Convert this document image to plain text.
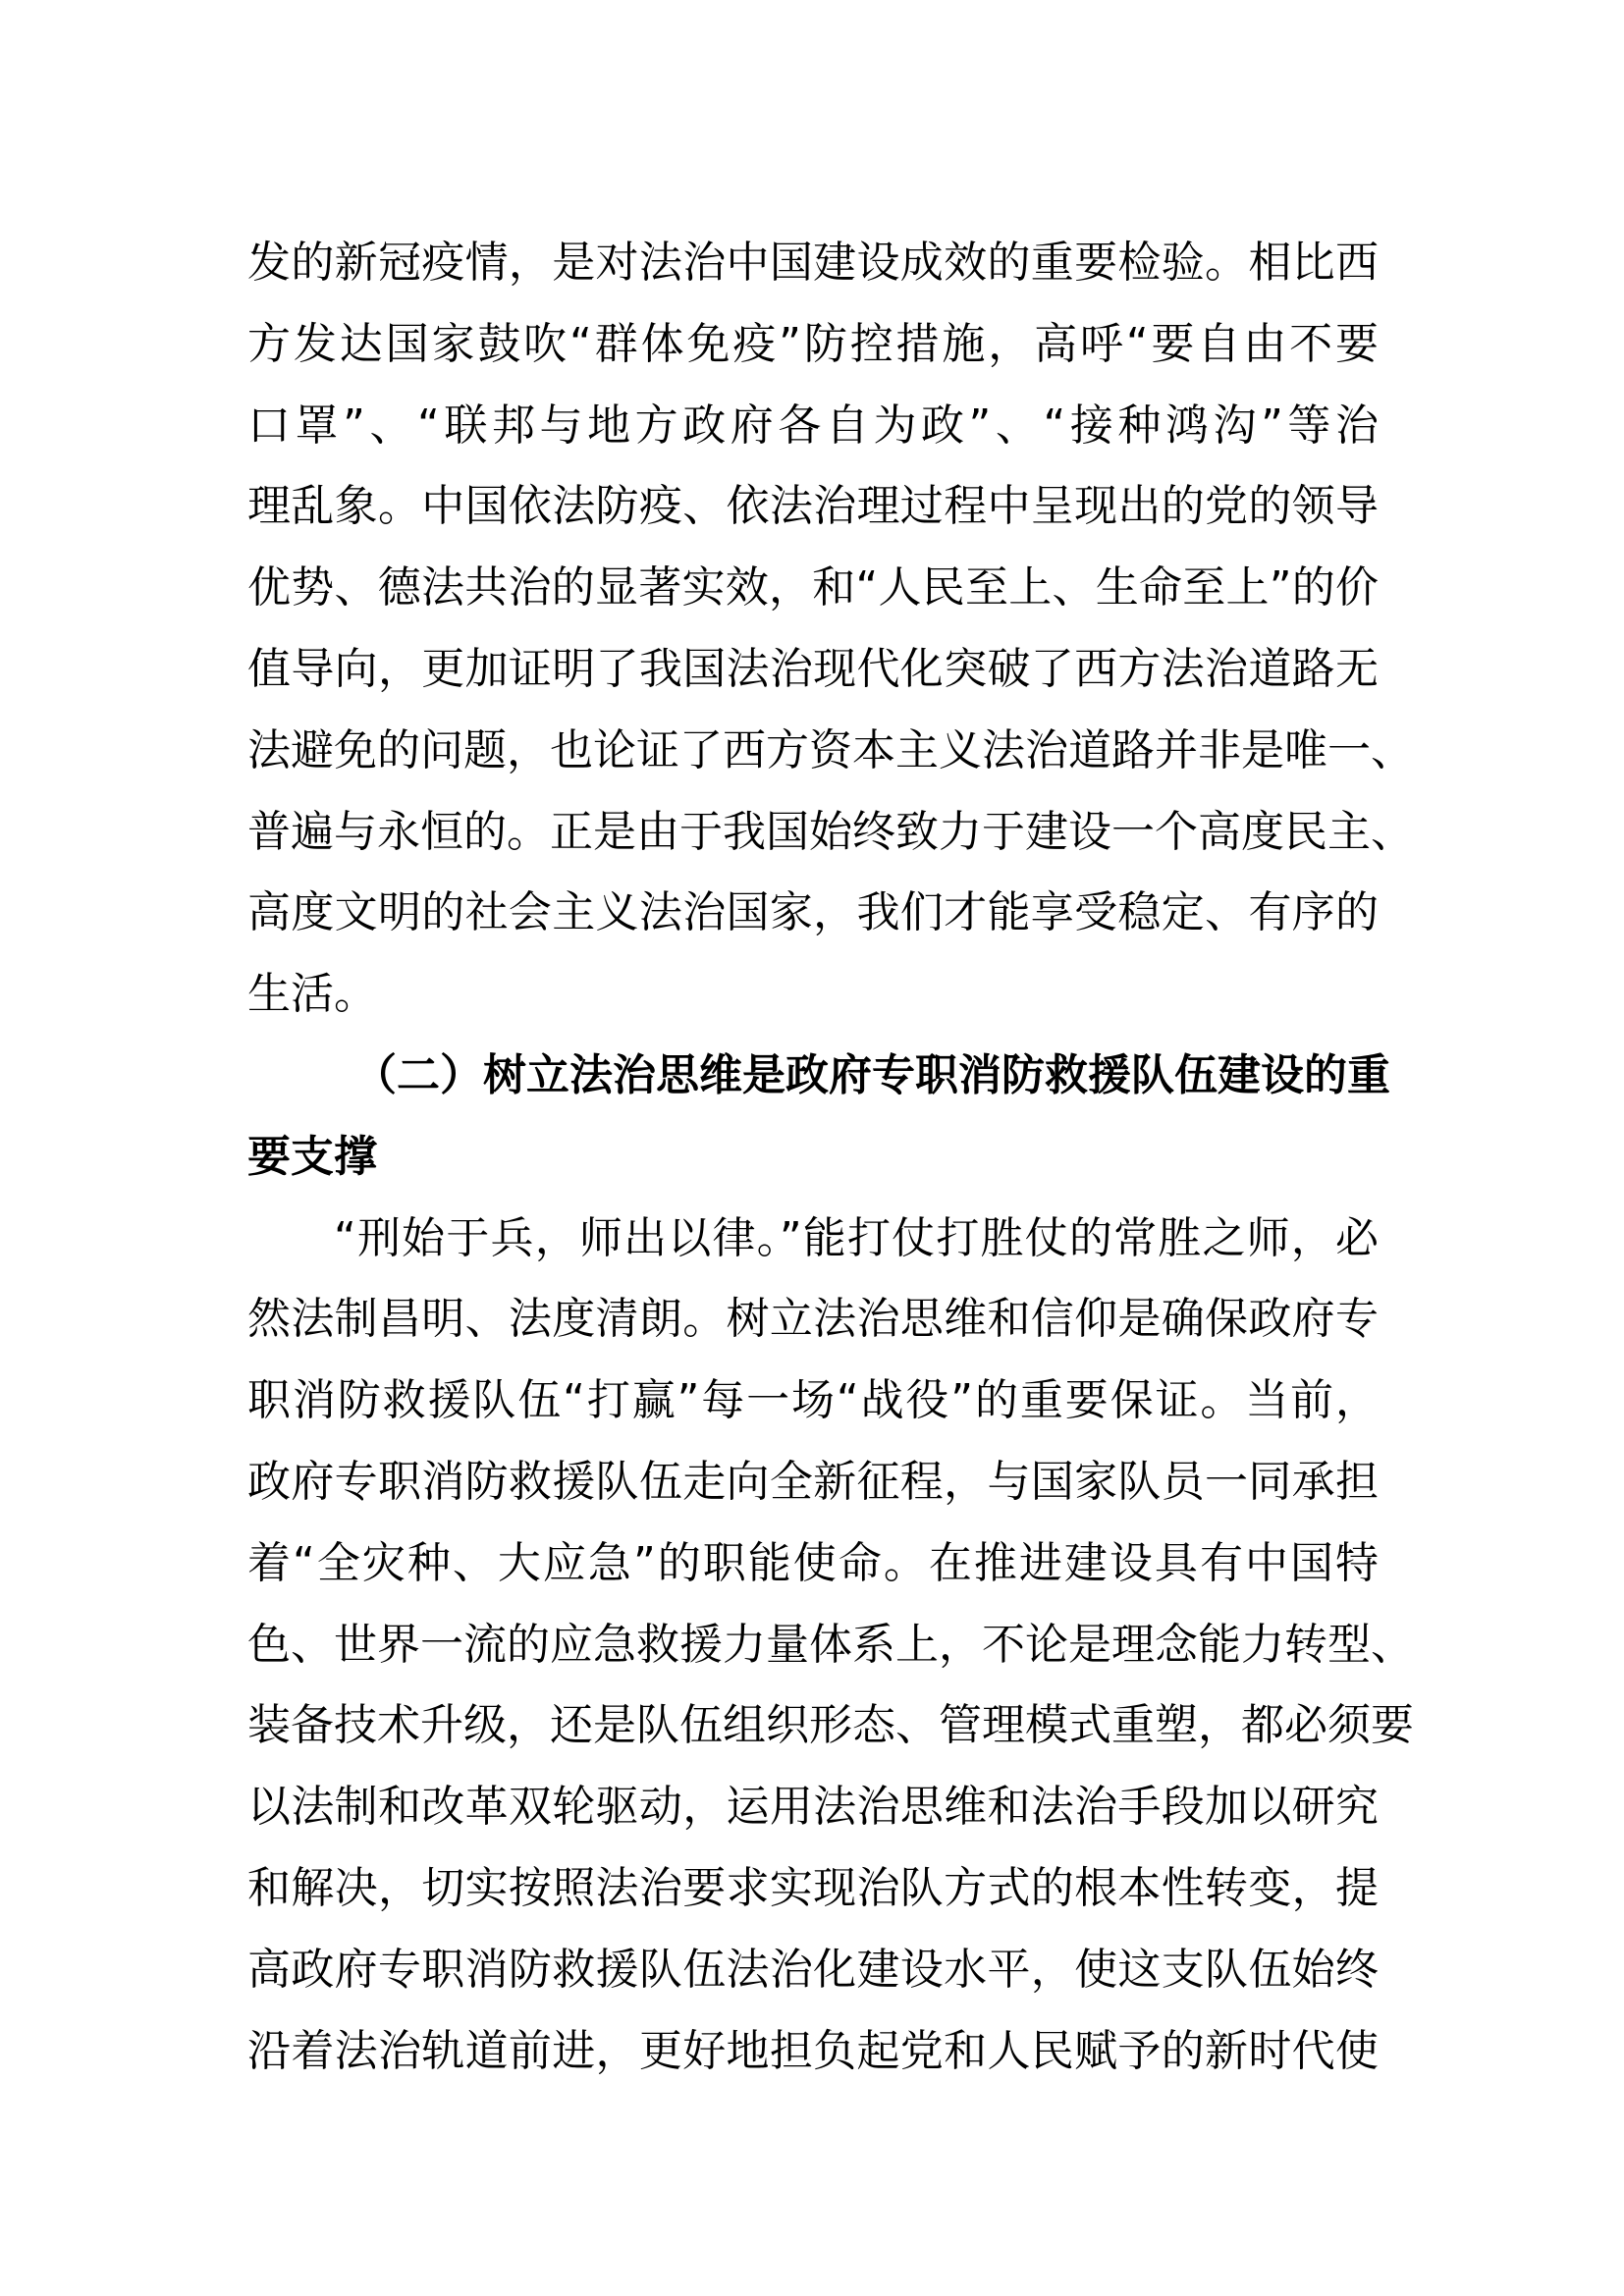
发的新冠疫情，是对法治中国建设成效的重要检验。相比西
方发达国家鼓吹“群体免疫”防控措施，高呼“要自由不要
口罩”、“联邦与地方政府各自为政”、“接种鸿沟”等治
理乱象。中国依法防疫、依法治理过程中呈现出的党的领导
优势、德法共治的显著实效，和“人民至上、生命至上”的价
值导向，更加证明了我国法治现代化突破了西方法治道路无
法避免的问题，也论证了西方资本主义法治道路并非是唯一、
普遍与永恒的。正是由于我国始终致力于建设一个高度民主、
高度文明的社会主义法治国家，我们才能享受稳定、有序的
生活。
（二）树立法治思维是政府专职消防救援队伍建设的重
要支撑
“刑始于兵，师出以律。”能打仗打胜仗的常胜之师，必
然法制昌明、法度清朗。树立法治思维和信仰是确保政府专
职消防救援队伍“打赢”每一场“战役”的重要保证。当前，
政府专职消防救援队伍走向全新征程，与国家队员一同承担
着“全灾种、大应急”的职能使命。在推进建设具有中国特
色、世界一流的应急救援力量体系上，不论是理念能力转型、
装备技术升级，还是队伍组织形态、管理模式重塑，都必须要
以法制和改革双轮驱动，运用法治思维和法治手段加以研究
和解决，切实按照法治要求实现治队方式的根本性转变，提
高政府专职消防救援队伍法治化建设水平，使这支队伍始终
沿着法治轨道前进，更好地担负起党和人民赋予的新时代使
